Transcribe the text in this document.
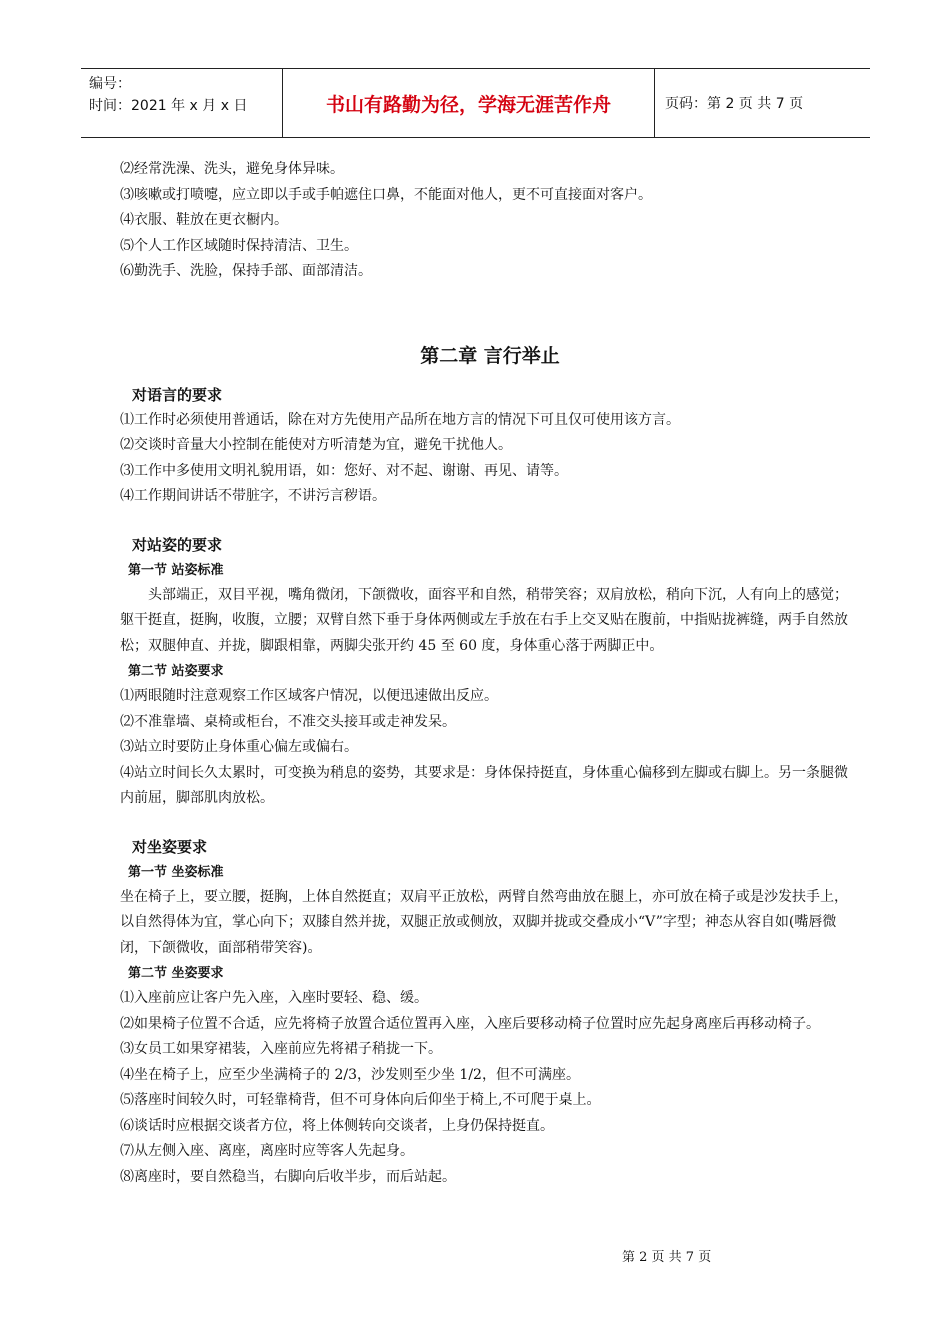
编号：
时间：2021 年 x 月 x 日	书山有路勤为径，学海无涯苦作舟	页码：第 2 页 共 7 页
⑵经常洗澡、洗头，避免身体异味。
⑶咳嗽或打喷嚏，应立即以手或手帕遮住口鼻，不能面对他人，更不可直接面对客户。
⑷衣服、鞋放在更衣橱内。
⑸个人工作区域随时保持清洁、卫生。
⑹勤洗手、洗脸，保持手部、面部清洁。
第二章 言行举止
对语言的要求
⑴工作时必须使用普通话，除在对方先使用产品所在地方言的情况下可且仅可使用该方言。
⑵交谈时音量大小控制在能使对方听清楚为宜，避免干扰他人。
⑶工作中多使用文明礼貌用语，如：您好、对不起、谢谢、再见、请等。
⑷工作期间讲话不带脏字，不讲污言秽语。
对站姿的要求
第一节 站姿标准
头部端正，双目平视，嘴角微闭，下颌微收，面容平和自然，稍带笑容；双肩放松，稍向下沉，人有向上的感觉；躯干挺直，挺胸，收腹，立腰；双臂自然下垂于身体两侧或左手放在右手上交叉贴在腹前，中指贴拢裤缝，两手自然放松；双腿伸直、并拢，脚跟相靠，两脚尖张开约 45 至 60 度，身体重心落于两脚正中。
第二节 站姿要求
⑴两眼随时注意观察工作区域客户情况，以便迅速做出反应。
⑵不准靠墙、桌椅或柜台，不准交头接耳或走神发呆。
⑶站立时要防止身体重心偏左或偏右。
⑷站立时间长久太累时，可变换为稍息的姿势，其要求是：身体保持挺直，身体重心偏移到左脚或右脚上。另一条腿微内前屈，脚部肌肉放松。
对坐姿要求
第一节 坐姿标准
坐在椅子上，要立腰，挺胸，上体自然挺直；双肩平正放松，两臂自然弯曲放在腿上，亦可放在椅子或是沙发扶手上，以自然得体为宜，掌心向下；双膝自然并拢，双腿正放或侧放，双脚并拢或交叠成小“V”字型；神态从容自如(嘴唇微闭，下颌微收，面部稍带笑容)。
第二节 坐姿要求
⑴入座前应让客户先入座，入座时要轻、稳、缓。
⑵如果椅子位置不合适，应先将椅子放置合适位置再入座，入座后要移动椅子位置时应先起身离座后再移动椅子。
⑶女员工如果穿裙装，入座前应先将裙子稍拢一下。
⑷坐在椅子上，应至少坐满椅子的 2/3，沙发则至少坐 1/2，但不可满座。
⑸落座时间较久时，可轻靠椅背，但不可身体向后仰坐于椅上,不可爬于桌上。
⑹谈话时应根据交谈者方位，将上体侧转向交谈者，上身仍保持挺直。
⑺从左侧入座、离座，离座时应等客人先起身。
⑻离座时，要自然稳当，右脚向后收半步，而后站起。
第 2 页 共 7 页
